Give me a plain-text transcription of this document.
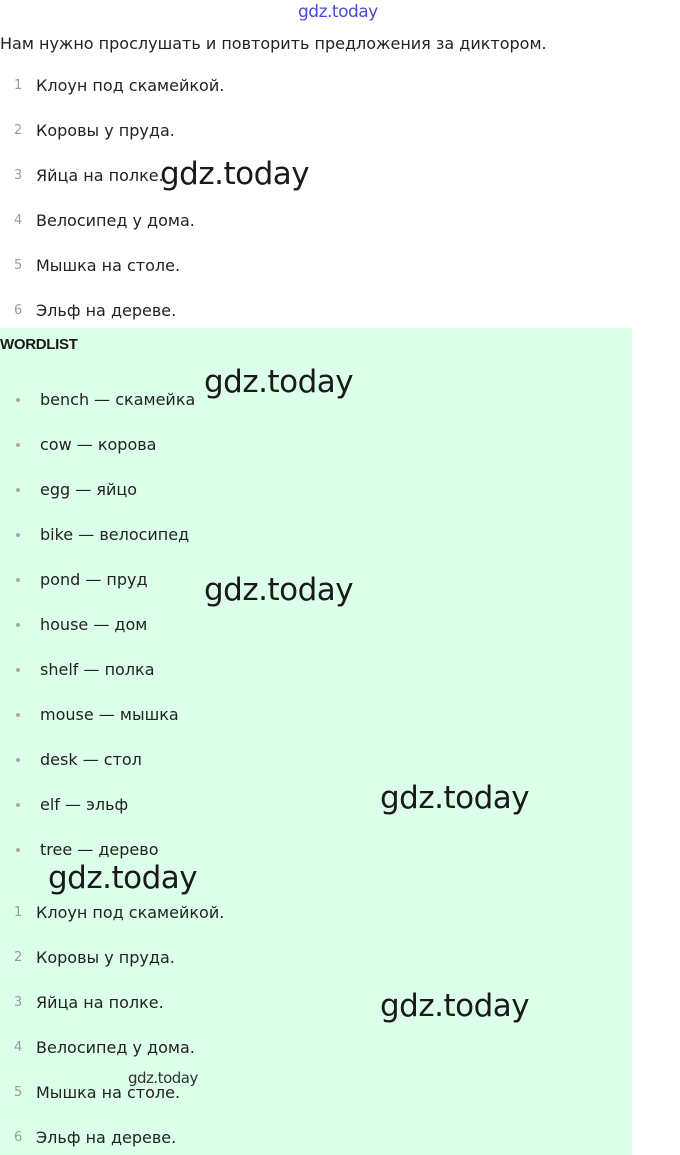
gdz.today
Нам нужно прослушать и повторить предложения за диктором.
1 Клоун под скамейкой.
2 Коровы у пруда.
3 Яйца на полке.
4 Велосипед у дома.
5 Мышка на столе.
6 Эльф на дереве.
WORDLIST
bench — скамейка
cow — корова
egg — яйцо
bike — велосипед
pond — пруд
house — дом
shelf — полка
mouse — мышка
desk — стол
elf — эльф
tree — дерево
1 Клоун под скамейкой.
2 Коровы у пруда.
3 Яйца на полке.
4 Велосипед у дома.
5 Мышка на столе.
6 Эльф на дереве.
gdz.today
gdz.today
gdz.today
gdz.today
gdz.today
gdz.today
gdz.today
